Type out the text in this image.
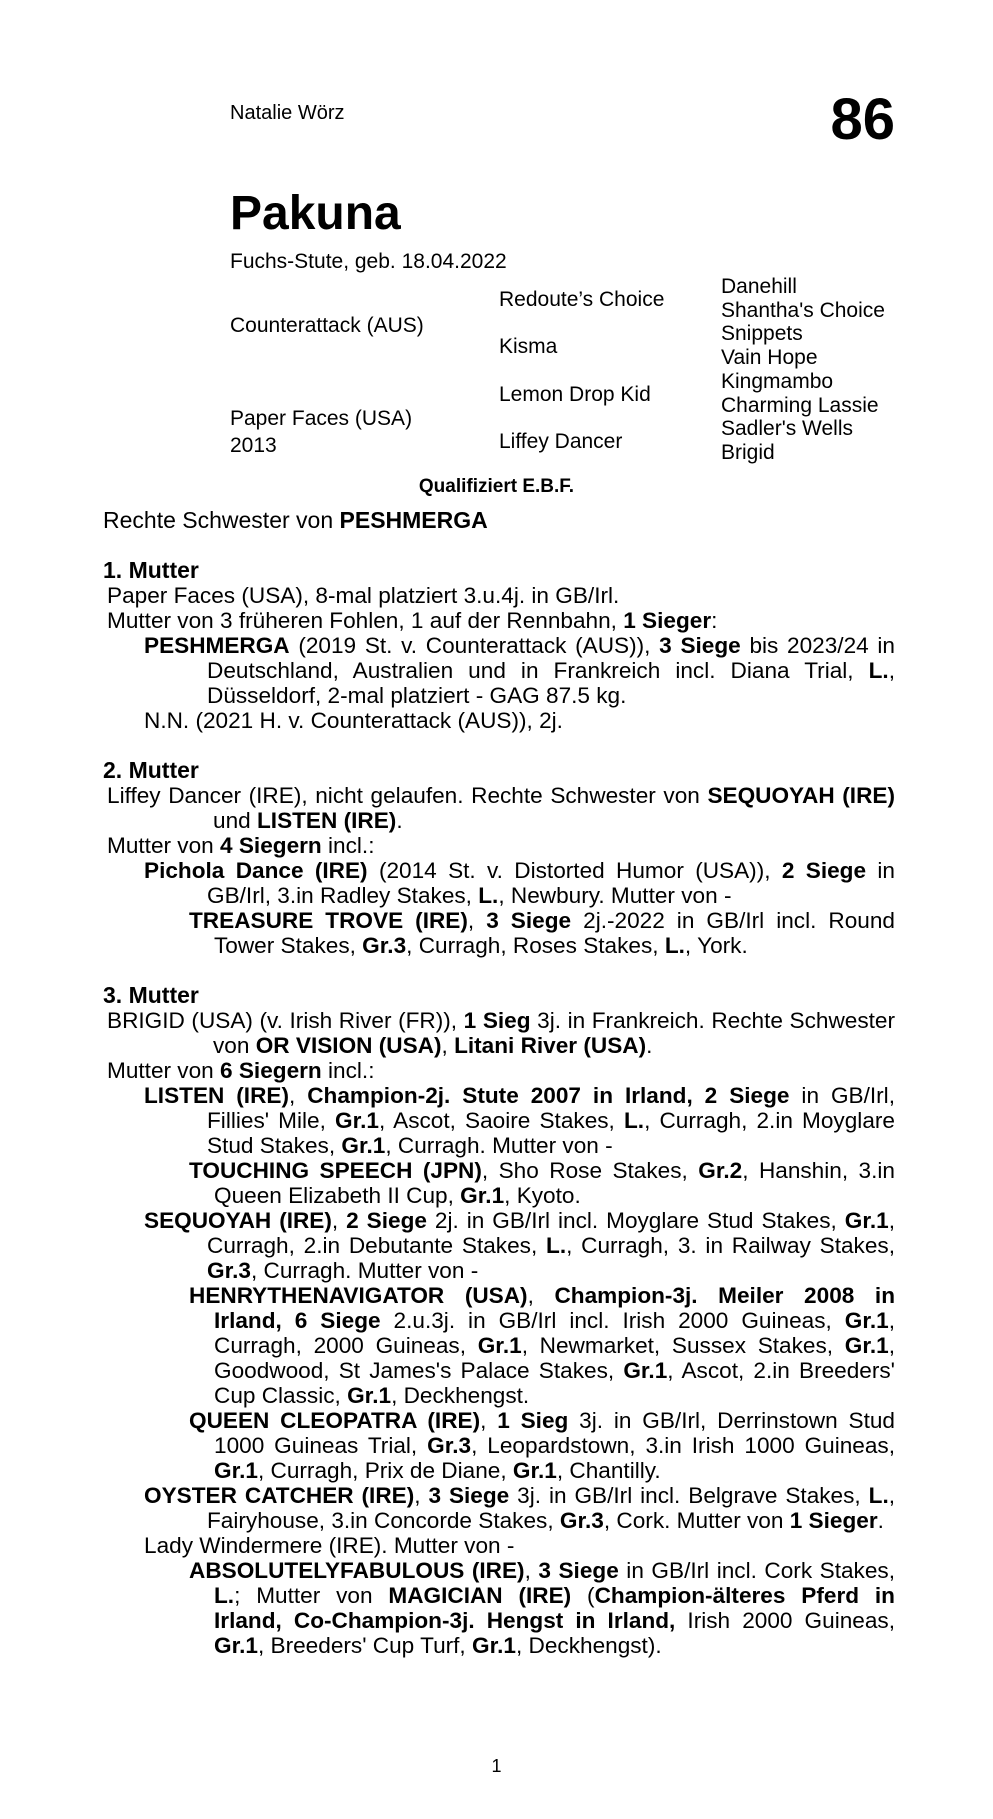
Natalie Wörz	86
Pakuna
Fuchs-Stute, geb. 18.04.2022
Counterattack (AUS)
Paper Faces (USA)
2013
Redoute’s Choice
Kisma
Lemon Drop Kid
Liffey Dancer
Danehill
Shantha's Choice
Snippets
Vain Hope
Kingmambo
Charming Lassie
Sadler's Wells
Brigid
Qualifiziert E.B.F.
Rechte Schwester von PESHMERGA
1. Mutter
Paper Faces (USA), 8-mal platziert 3.u.4j. in GB/Irl.
Mutter von 3 früheren Fohlen, 1 auf der Rennbahn, 1 Sieger:
PESHMERGA (2019 St. v. Counterattack (AUS)), 3 Siege bis 2023/24 in Deutschland, Australien und in Frankreich incl. Diana Trial, L., Düsseldorf, 2-mal platziert - GAG 87.5 kg.
N.N. (2021 H. v. Counterattack (AUS)), 2j.
2. Mutter
Liffey Dancer (IRE), nicht gelaufen. Rechte Schwester von SEQUOYAH (IRE) und LISTEN (IRE).
Mutter von 4 Siegern incl.:
Pichola Dance (IRE) (2014 St. v. Distorted Humor (USA)), 2 Siege in GB/Irl, 3.in Radley Stakes, L., Newbury. Mutter von -
TREASURE TROVE (IRE), 3 Siege 2j.-2022 in GB/Irl incl. Round Tower Stakes, Gr.3, Curragh, Roses Stakes, L., York.
3. Mutter
BRIGID (USA) (v. Irish River (FR)), 1 Sieg 3j. in Frankreich. Rechte Schwester von OR VISION (USA), Litani River (USA).
Mutter von 6 Siegern incl.:
LISTEN (IRE), Champion-2j. Stute 2007 in Irland, 2 Siege in GB/Irl, Fillies' Mile, Gr.1, Ascot, Saoire Stakes, L., Curragh, 2.in Moyglare Stud Stakes, Gr.1, Curragh. Mutter von -
TOUCHING SPEECH (JPN), Sho Rose Stakes, Gr.2, Hanshin, 3.in Queen Elizabeth II Cup, Gr.1, Kyoto.
SEQUOYAH (IRE), 2 Siege 2j. in GB/Irl incl. Moyglare Stud Stakes, Gr.1, Curragh, 2.in Debutante Stakes, L., Curragh, 3. in Railway Stakes, Gr.3, Curragh. Mutter von -
HENRYTHENAVIGATOR (USA), Champion-3j. Meiler 2008 in Irland, 6 Siege 2.u.3j. in GB/Irl incl. Irish 2000 Guineas, Gr.1, Curragh, 2000 Guineas, Gr.1, Newmarket, Sussex Stakes, Gr.1, Goodwood, St James's Palace Stakes, Gr.1, Ascot, 2.in Breeders' Cup Classic, Gr.1, Deckhengst.
QUEEN CLEOPATRA (IRE), 1 Sieg 3j. in GB/Irl, Derrinstown Stud 1000 Guineas Trial, Gr.3, Leopardstown, 3.in Irish 1000 Guineas, Gr.1, Curragh, Prix de Diane, Gr.1, Chantilly.
OYSTER CATCHER (IRE), 3 Siege 3j. in GB/Irl incl. Belgrave Stakes, L., Fairyhouse, 3.in Concorde Stakes, Gr.3, Cork. Mutter von 1 Sieger.
Lady Windermere (IRE). Mutter von -
ABSOLUTELYFABULOUS (IRE), 3 Siege in GB/Irl incl. Cork Stakes, L.; Mutter von MAGICIAN (IRE) (Champion-älteres Pferd in Irland, Co-Champion-3j. Hengst in Irland, Irish 2000 Guineas, Gr.1, Breeders' Cup Turf, Gr.1, Deckhengst).
1
